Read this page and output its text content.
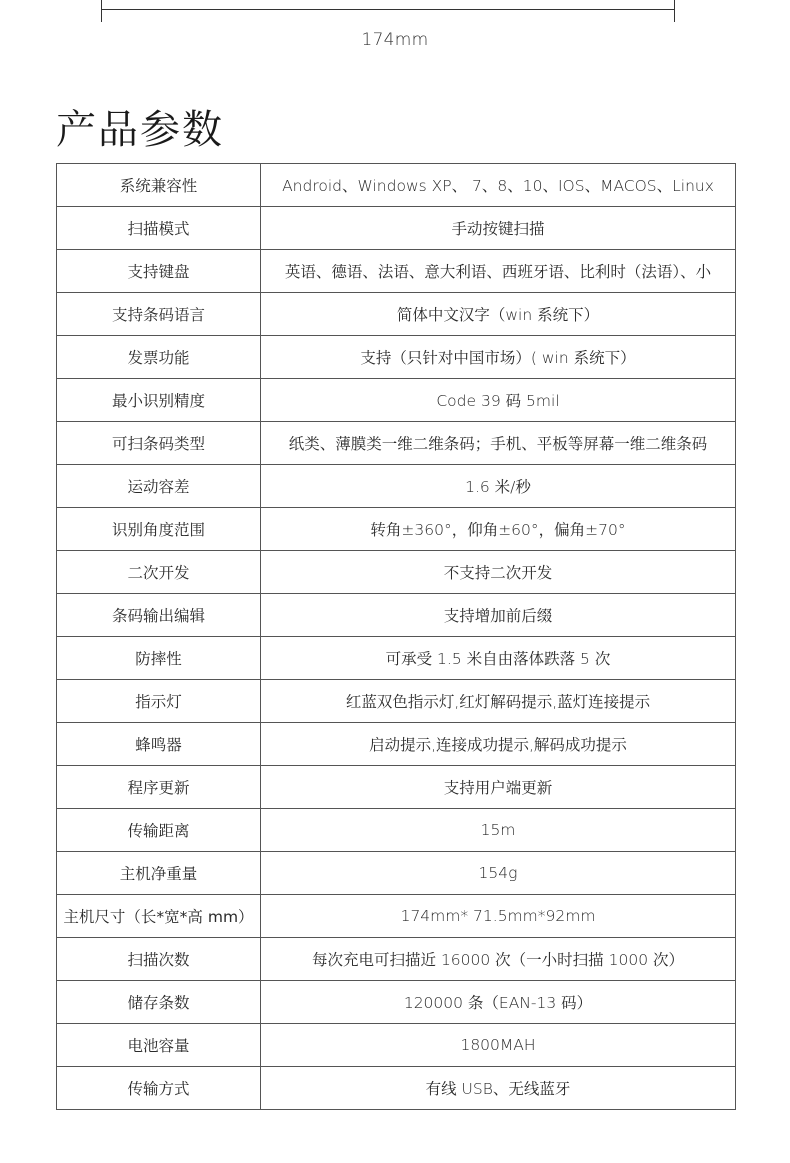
174mm
产品参数
系统兼容性	Android、Windows XP、 7、8、10、IOS、MACOS、Linux
扫描模式	手动按键扫描
支持键盘	英语、德语、法语、意大利语、西班牙语、比利时（法语）、小
支持条码语言	简体中文汉字（win 系统下）
发票功能	支持（只针对中国市场）( win 系统下）
最小识别精度	Code 39 码 5mil
可扫条码类型	纸类、薄膜类一维二维条码；手机、平板等屏幕一维二维条码
运动容差	1.6 米/秒
识别角度范围	转角±360°，仰角±60°，偏角±70°
二次开发	不支持二次开发
条码输出编辑	支持增加前后缀
防摔性	可承受 1.5 米自由落体跌落 5 次
指示灯	红蓝双色指示灯,红灯解码提示,蓝灯连接提示
蜂鸣器	启动提示,连接成功提示,解码成功提示
程序更新	支持用户端更新
传输距离	15m
主机净重量	154g
主机尺寸（长*宽*高 mm）	174mm* 71.5mm*92mm
扫描次数	每次充电可扫描近 16000 次（一小时扫描 1000 次）
储存条数	120000 条（EAN-13 码）
电池容量	1800MAH
传输方式	有线 USB、无线蓝牙
